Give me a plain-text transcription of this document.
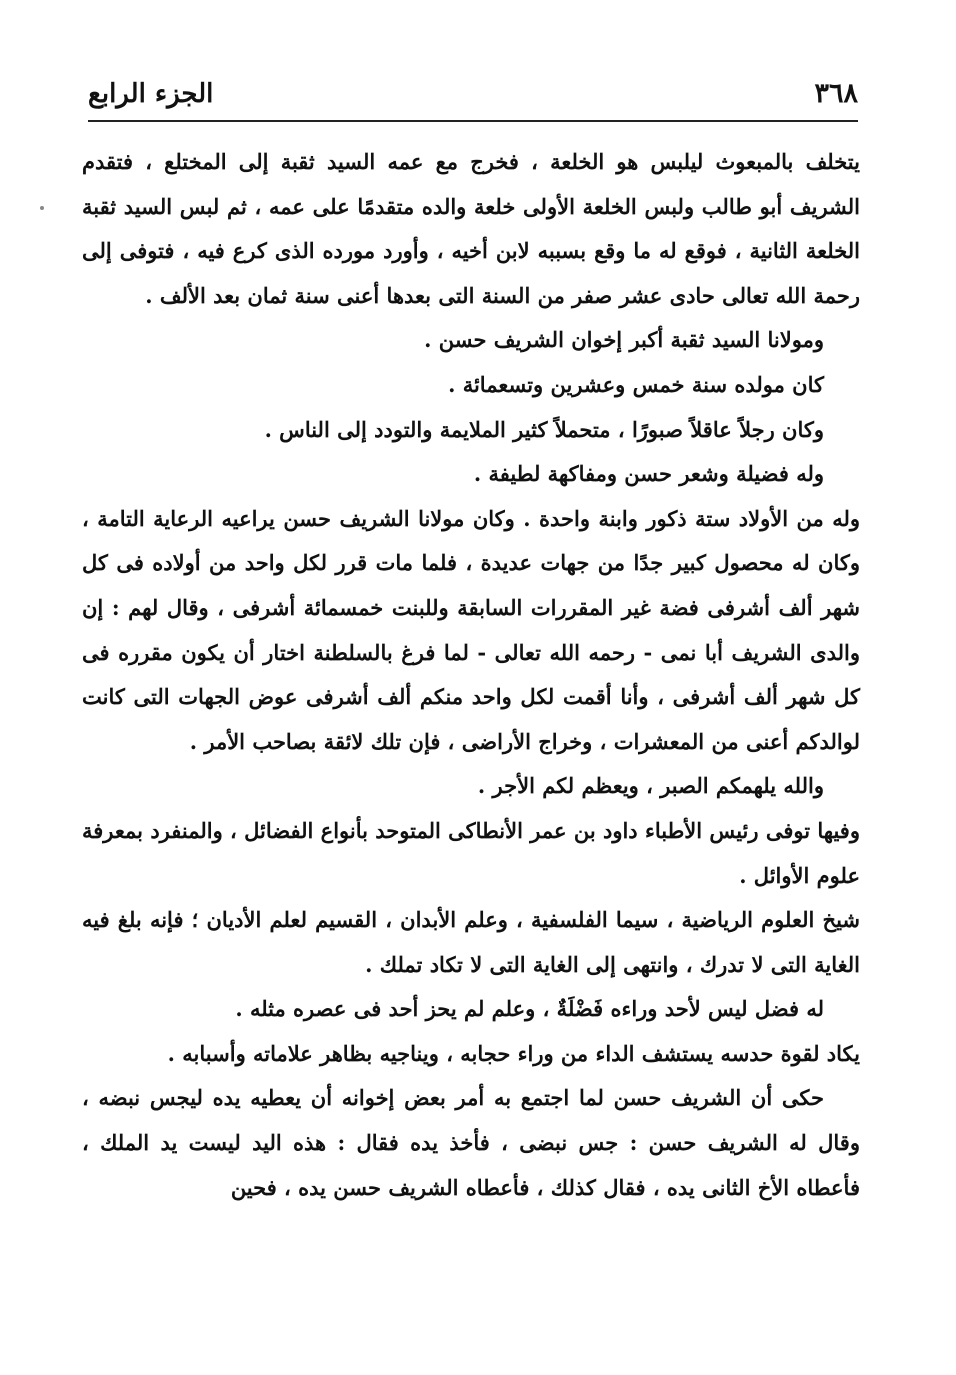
٣٦٨
الجزء الرابع

يتخلف بالمبعوث ليلبس هو الخلعة ، فخرج مع عمه السيد ثقبة إلى المختلع ، فتقدم الشريف أبو طالب ولبس الخلعة الأولى خلعة والده متقدمًا على عمه ، ثم لبس السيد ثقبة الخلعة الثانية ، فوقع له ما وقع بسببه لابن أخيه ، وأورد مورده الذى كرع فيه ، فتوفى إلى رحمة الله تعالى حادى عشر صفر من السنة التى بعدها أعنى سنة ثمان بعد الألف .

ومولانا السيد ثقبة أكبر إخوان الشريف حسن .

كان مولده سنة خمس وعشرين وتسعمائة .

وكان رجلاً عاقلاً صبورًا ، متحملاً كثير الملايمة والتودد إلى الناس .

وله فضيلة وشعر حسن ومفاكهة لطيفة .

وله من الأولاد ستة ذكور وابنة واحدة . وكان مولانا الشريف حسن يراعيه الرعاية التامة ، وكان له محصول كبير جدًا من جهات عديدة ، فلما مات قرر لكل واحد من أولاده فى كل شهر ألف أشرفى فضة غير المقررات السابقة وللبنت خمسمائة أشرفى ، وقال لهم : إن والدى الشريف أبا نمى - رحمه الله تعالى - لما فرغ بالسلطنة اختار أن يكون مقرره فى كل شهر ألف أشرفى ، وأنا أقمت لكل واحد منكم ألف أشرفى عوض الجهات التى كانت لوالدكم أعنى من المعشرات ، وخراج الأراضى ، فإن تلك لائقة بصاحب الأمر .

والله يلهمكم الصبر ، ويعظم لكم الأجر .

وفيها توفى رئيس الأطباء داود بن عمر الأنطاكى المتوحد بأنواع الفضائل ، والمنفرد بمعرفة علوم الأوائل .

شيخ العلوم الرياضية ، سيما الفلسفية ، وعلم الأبدان ، القسيم لعلم الأديان ؛ فإنه بلغ فيه الغاية التى لا تدرك ، وانتهى إلى الغاية التى لا تكاد تملك .

له فضل ليس لأحد وراءه فَضْلَةٌ ، وعلم لم يحز أحد فى عصره مثله .

يكاد لقوة حدسه يستشف الداء من وراء حجابه ، ويناجيه بظاهر علاماته وأسبابه .

حكى أن الشريف حسن لما اجتمع به أمر بعض إخوانه أن يعطيه يده ليجس نبضه ، وقال له الشريف حسن : جس نبضى ، فأخذ يده فقال : هذه اليد ليست يد الملك ، فأعطاه الأخ الثانى يده ، فقال كذلك ، فأعطاه الشريف حسن يده ، فحين
